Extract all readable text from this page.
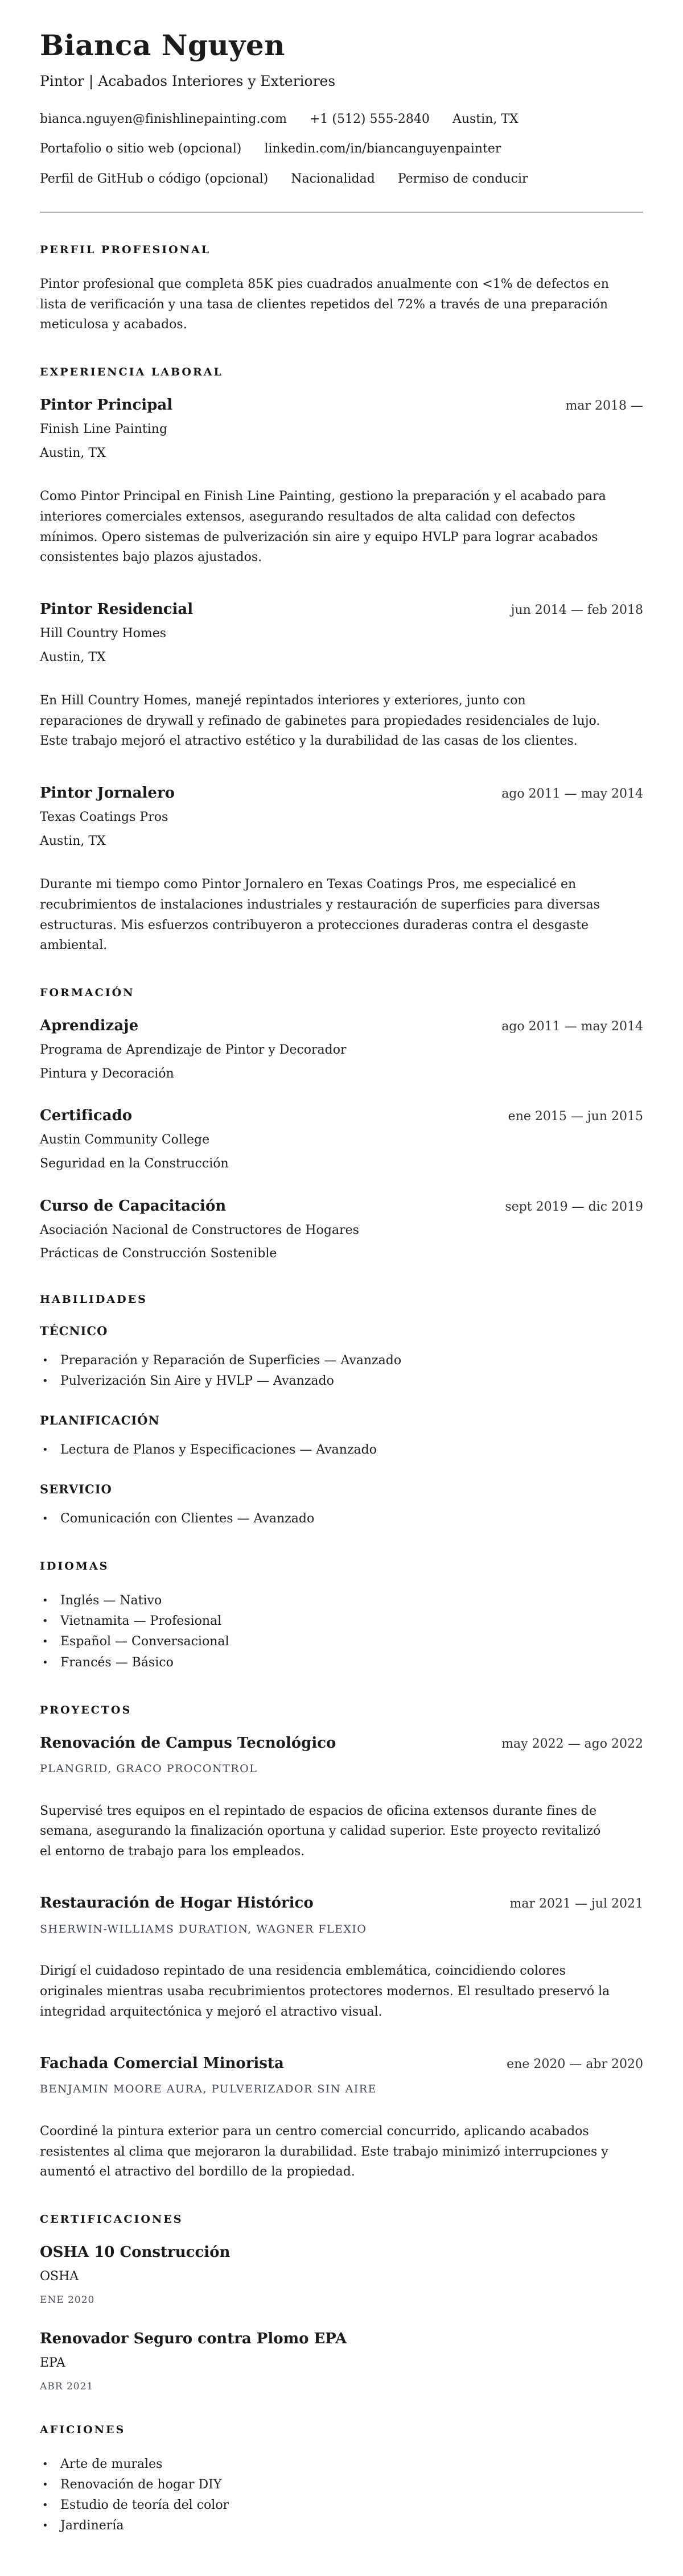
Bianca Nguyen
Pintor | Acabados Interiores y Exteriores
bianca.nguyen@finishlinepainting.com +1 (512) 555-2840 Austin, TX
Portafolio o sitio web (opcional) linkedin.com/in/biancanguyenpainter
Perfil de GitHub o código (opcional) Nacionalidad Permiso de conducir
PERFIL PROFESIONAL

Pintor profesional que completa 85K pies cuadrados anualmente con <1% de defectos en lista de verificación y una tasa de clientes repetidos del 72% a través de una preparación meticulosa y acabados.

EXPERIENCIA LABORAL
Pintor Principal	mar 2018 —
Finish Line Painting
Austin, TX

Como Pintor Principal en Finish Line Painting, gestiono la preparación y el acabado para interiores comerciales extensos, asegurando resultados de alta calidad con defectos mínimos. Opero sistemas de pulverización sin aire y equipo HVLP para lograr acabados consistentes bajo plazos ajustados.

Pintor Residencial	jun 2014 — feb 2018
Hill Country Homes
Austin, TX

En Hill Country Homes, manejé repintados interiores y exteriores, junto con reparaciones de drywall y refinado de gabinetes para propiedades residenciales de lujo. Este trabajo mejoró el atractivo estético y la durabilidad de las casas de los clientes.

Pintor Jornalero	ago 2011 — may 2014
Texas Coatings Pros
Austin, TX

Durante mi tiempo como Pintor Jornalero en Texas Coatings Pros, me especialicé en recubrimientos de instalaciones industriales y restauración de superficies para diversas estructuras. Mis esfuerzos contribuyeron a protecciones duraderas contra el desgaste ambiental.

FORMACIÓN
Aprendizaje	ago 2011 — may 2014
Programa de Aprendizaje de Pintor y Decorador
Pintura y Decoración
Certificado	ene 2015 — jun 2015
Austin Community College
Seguridad en la Construcción
Curso de Capacitación	sept 2019 — dic 2019
Asociación Nacional de Constructores de Hogares
Prácticas de Construcción Sostenible
HABILIDADES
TÉCNICO
• Preparación y Reparación de Superficies — Avanzado
• Pulverización Sin Aire y HVLP — Avanzado
PLANIFICACIÓN
• Lectura de Planos y Especificaciones — Avanzado
SERVICIO
• Comunicación con Clientes — Avanzado
IDIOMAS
• Inglés — Nativo
• Vietnamita — Profesional
• Español — Conversacional
• Francés — Básico
PROYECTOS
Renovación de Campus Tecnológico	may 2022 — ago 2022
PLANGRID, GRACO PROCONTROL

Supervisé tres equipos en el repintado de espacios de oficina extensos durante fines de semana, asegurando la finalización oportuna y calidad superior. Este proyecto revitalizó el entorno de trabajo para los empleados.

Restauración de Hogar Histórico	mar 2021 — jul 2021
SHERWIN-WILLIAMS DURATION, WAGNER FLEXIO

Dirigí el cuidadoso repintado de una residencia emblemática, coincidiendo colores originales mientras usaba recubrimientos protectores modernos. El resultado preservó la integridad arquitectónica y mejoró el atractivo visual.

Fachada Comercial Minorista	ene 2020 — abr 2020
BENJAMIN MOORE AURA, PULVERIZADOR SIN AIRE

Coordiné la pintura exterior para un centro comercial concurrido, aplicando acabados resistentes al clima que mejoraron la durabilidad. Este trabajo minimizó interrupciones y aumentó el atractivo del bordillo de la propiedad.

CERTIFICACIONES
OSHA 10 Construcción
OSHA
ENE 2020
Renovador Seguro contra Plomo EPA
EPA
ABR 2021
AFICIONES
• Arte de murales
• Renovación de hogar DIY
• Estudio de teoría del color
• Jardinería
